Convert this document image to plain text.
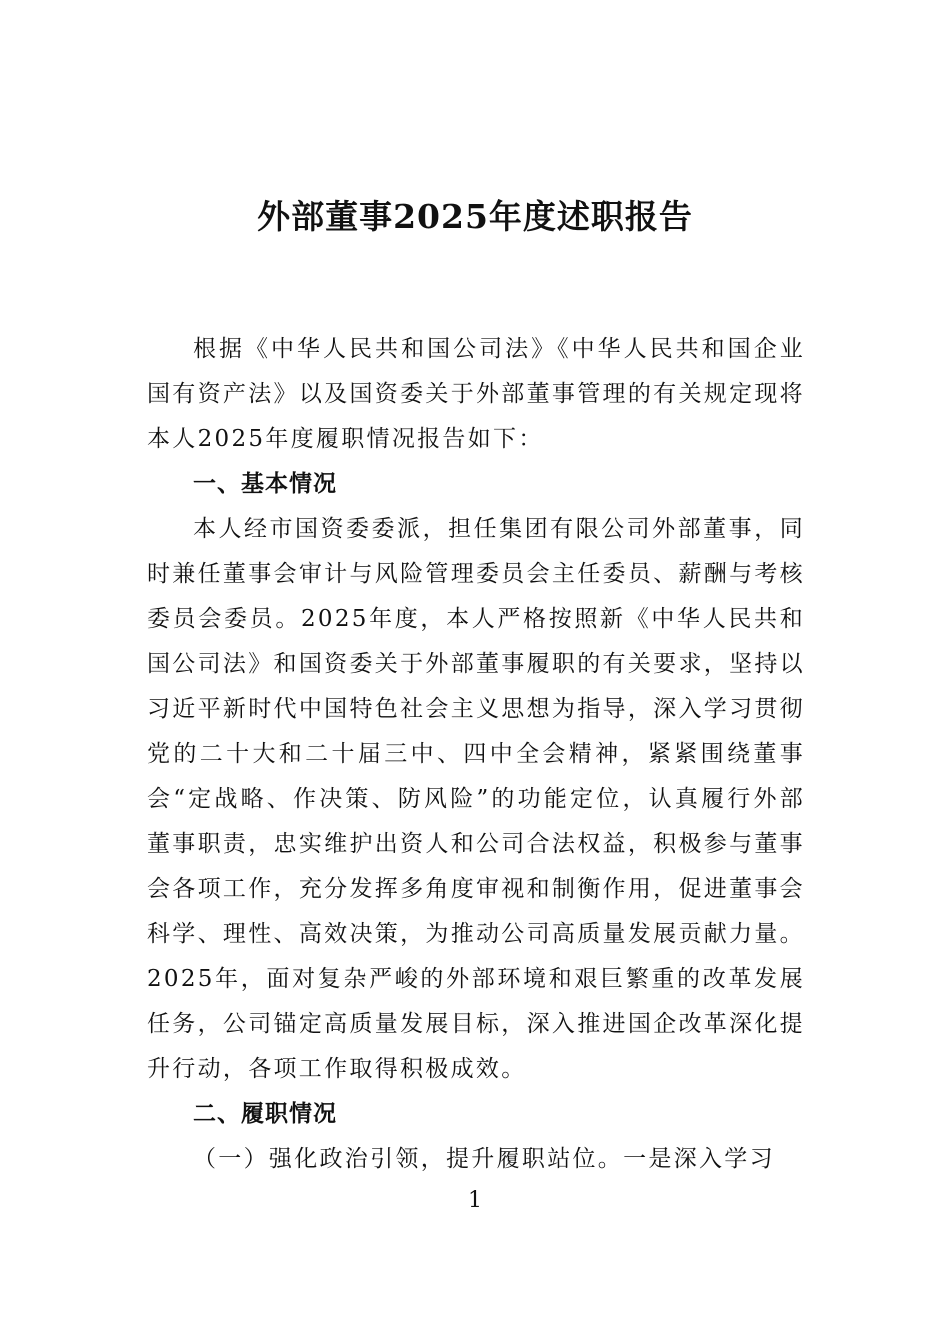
外部董事2025年度述职报告

根据《中华人民共和国公司法》《中华人民共和国企业国有资产法》以及国资委关于外部董事管理的有关规定现将本人2025年度履职情况报告如下：

一、基本情况

本人经市国资委委派，担任集团有限公司外部董事，同时兼任董事会审计与风险管理委员会主任委员、薪酬与考核委员会委员。2025年度，本人严格按照新《中华人民共和国公司法》和国资委关于外部董事履职的有关要求，坚持以习近平新时代中国特色社会主义思想为指导，深入学习贯彻党的二十大和二十届三中、四中全会精神，紧紧围绕董事会“定战略、作决策、防风险”的功能定位，认真履行外部董事职责，忠实维护出资人和公司合法权益，积极参与董事会各项工作，充分发挥多角度审视和制衡作用，促进董事会科学、理性、高效决策，为推动公司高质量发展贡献力量。2025年，面对复杂严峻的外部环境和艰巨繁重的改革发展任务，公司锚定高质量发展目标，深入推进国企改革深化提升行动，各项工作取得积极成效。

二、履职情况

（一）强化政治引领，提升履职站位。一是深入学习

1
